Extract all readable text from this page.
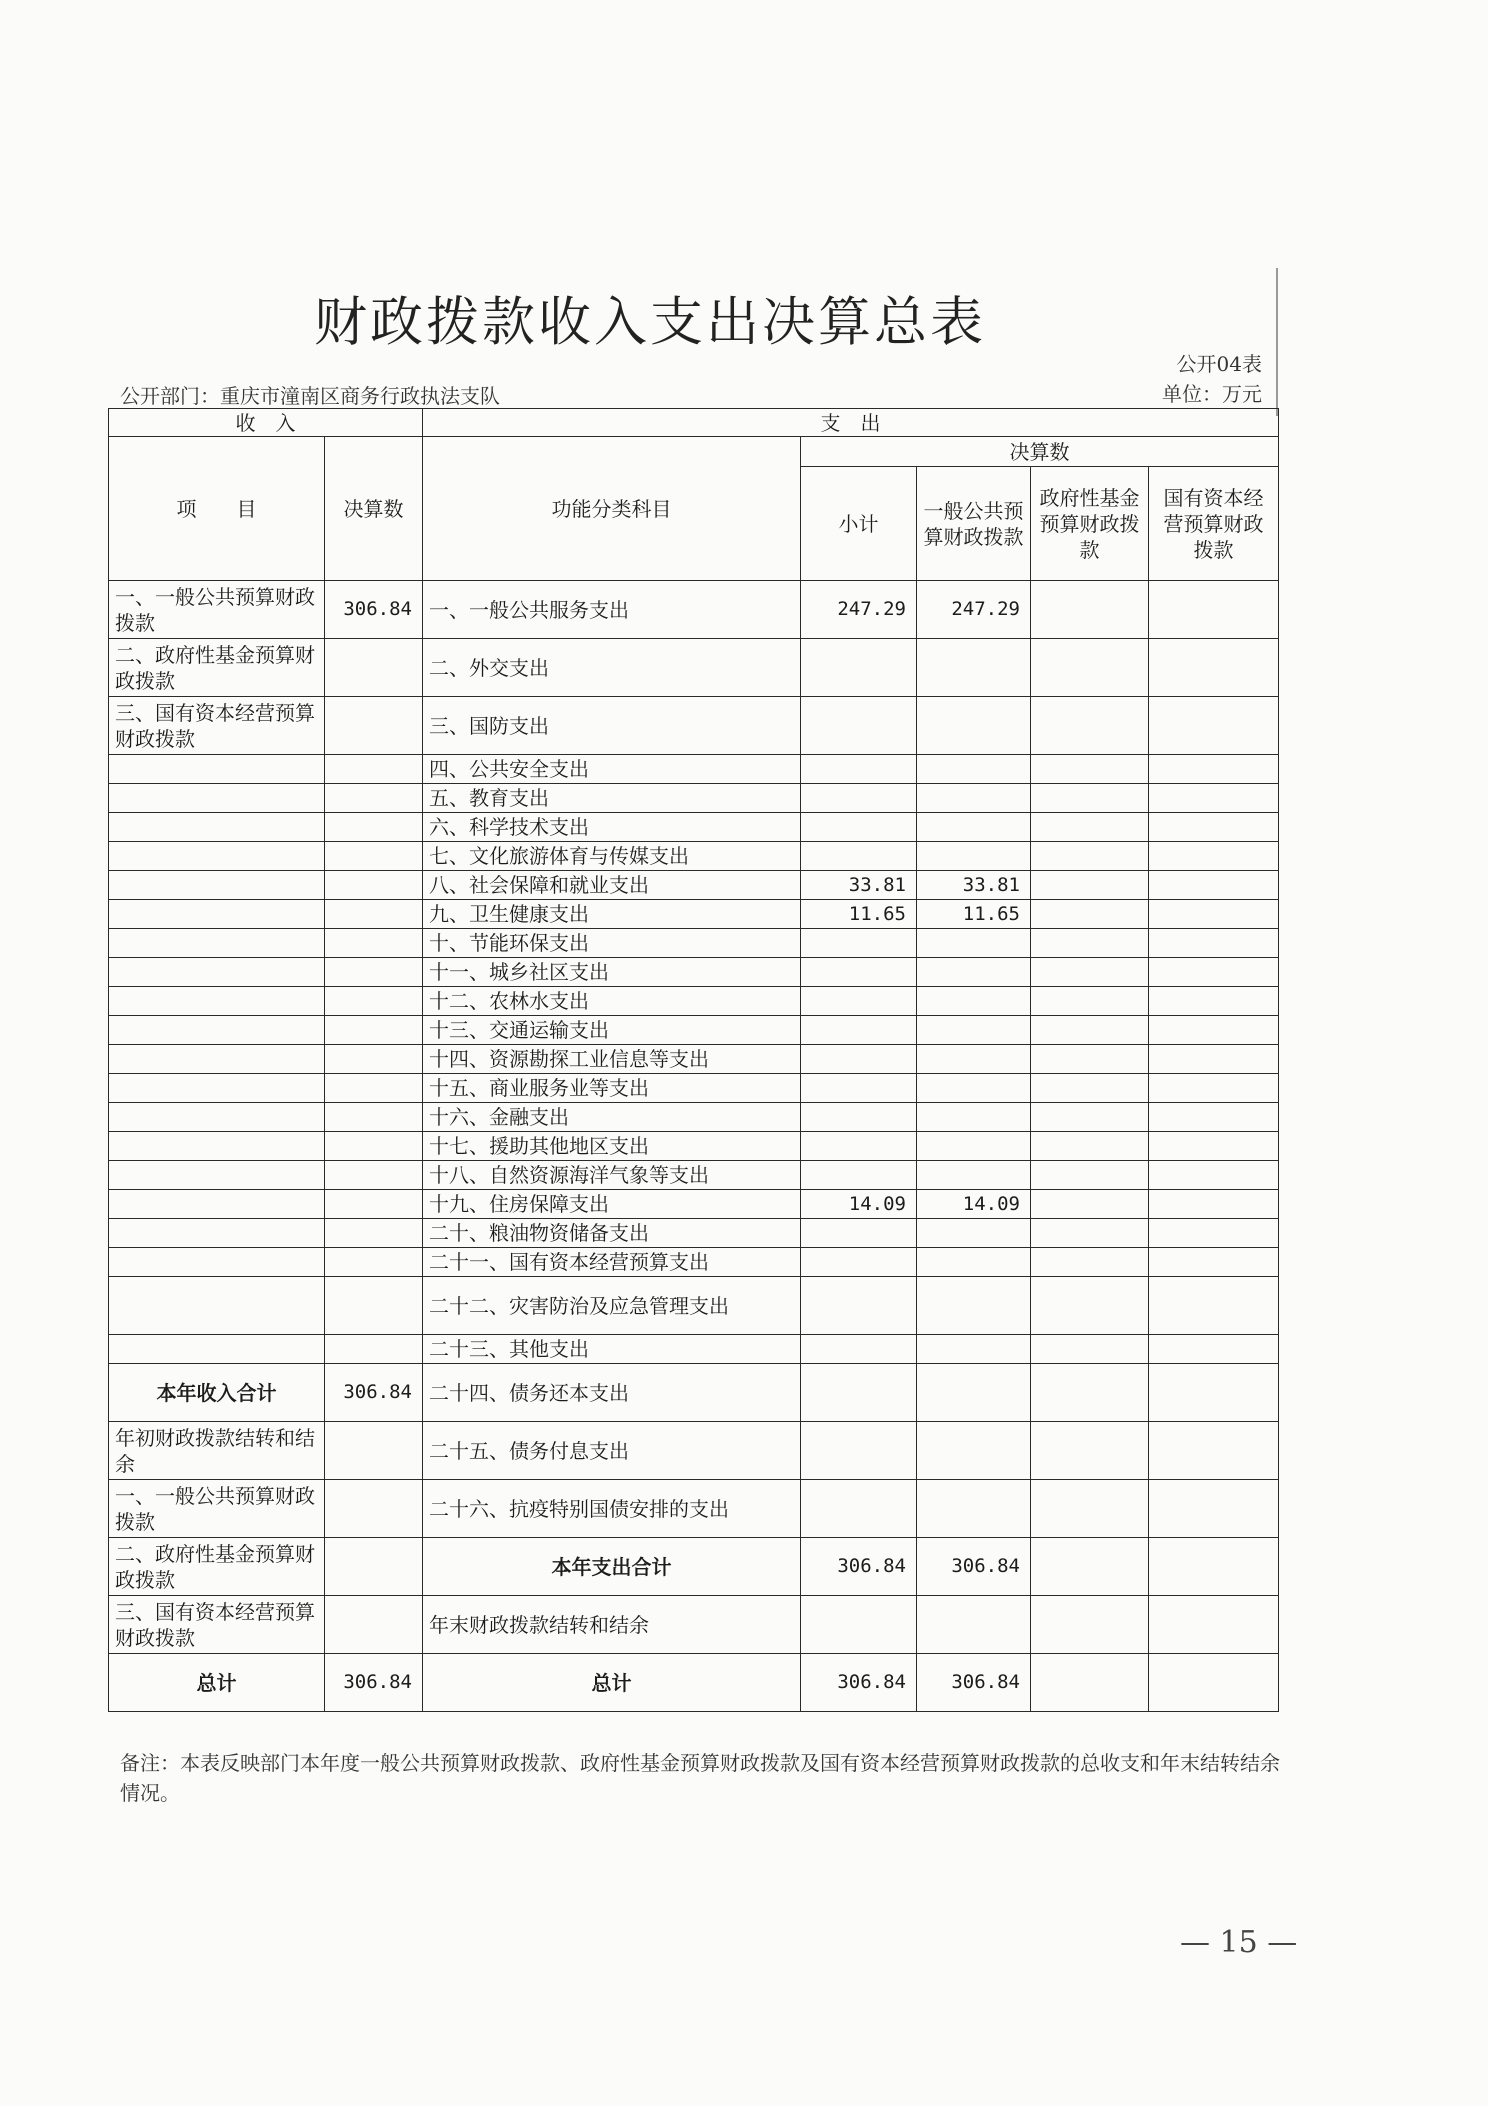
财政拨款收入支出决算总表
公开04表
单位：万元
公开部门：重庆市潼南区商务行政执法支队
收　入		支　出				
项　　目	决算数	功能分类科目	决算数			
			小计	一般公共预算财政拨款	政府性基金预算财政拨款	国有资本经营预算财政拨款
一、一般公共预算财政拨款	306.84	一、一般公共服务支出	247.29	247.29		
二、政府性基金预算财政拨款		二、外交支出				
三、国有资本经营预算财政拨款		三、国防支出				
		四、公共安全支出				
		五、教育支出				
		六、科学技术支出				
		七、文化旅游体育与传媒支出				
		八、社会保障和就业支出	33.81	33.81		
		九、卫生健康支出	11.65	11.65		
		十、节能环保支出				
		十一、城乡社区支出				
		十二、农林水支出				
		十三、交通运输支出				
		十四、资源勘探工业信息等支出				
		十五、商业服务业等支出				
		十六、金融支出				
		十七、援助其他地区支出				
		十八、自然资源海洋气象等支出				
		十九、住房保障支出	14.09	14.09		
		二十、粮油物资储备支出				
		二十一、国有资本经营预算支出				
		二十二、灾害防治及应急管理支出				
		二十三、其他支出				
本年收入合计	306.84	二十四、债务还本支出				
年初财政拨款结转和结余		二十五、债务付息支出				
一、一般公共预算财政拨款		二十六、抗疫特别国债安排的支出				
二、政府性基金预算财政拨款		本年支出合计	306.84	306.84		
三、国有资本经营预算财政拨款		年末财政拨款结转和结余				
总计	306.84	总计	306.84	306.84		
备注：本表反映部门本年度一般公共预算财政拨款、政府性基金预算财政拨款及国有资本经营预算财政拨款的总收支和年末结转结余情况。
— 15 —
